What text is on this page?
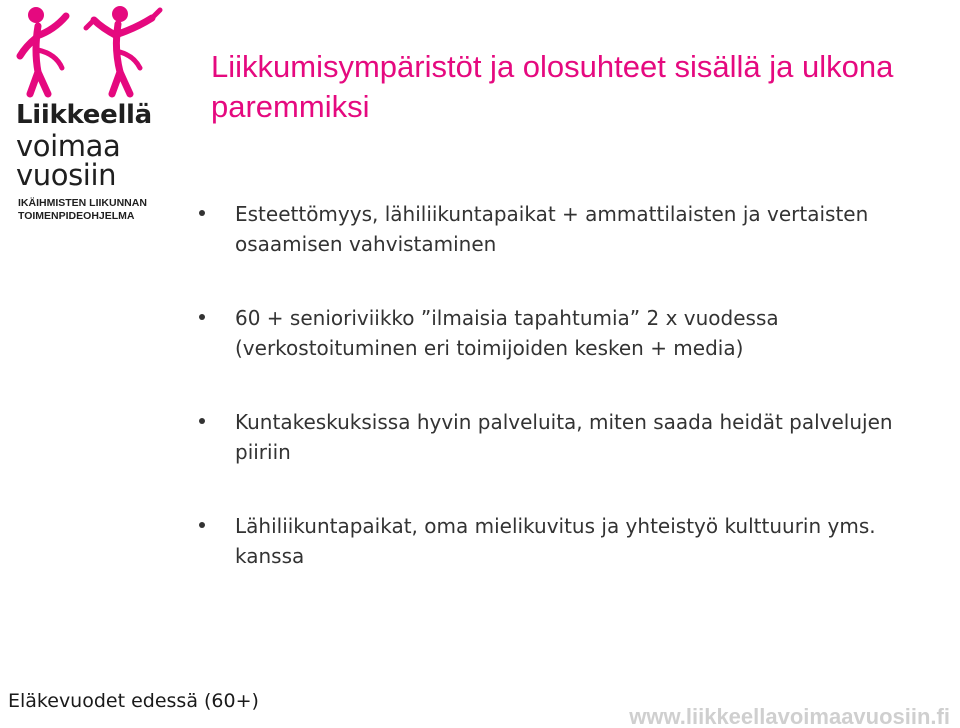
Liikkeellä
voimaa
vuosiin
IKÄIHMISTEN LIIKUNNAN
TOIMENPIDEOHJELMA
Liikkumisympäristöt ja olosuhteet sisällä ja ulkona paremmiksi
Esteettömyys, lähiliikuntapaikat + ammattilaisten ja vertaisten osaamisen vahvistaminen
60 + senioriviikko ”ilmaisia tapahtumia” 2 x vuodessa (verkostoituminen eri toimijoiden kesken + media)
Kuntakeskuksissa hyvin palveluita, miten saada heidät palvelujen piiriin
Lähiliikuntapaikat, oma mielikuvitus ja yhteistyö kulttuurin yms. kanssa
Eläkevuodet edessä (60+)
www.liikkeellavoimaavuosiin.fi
